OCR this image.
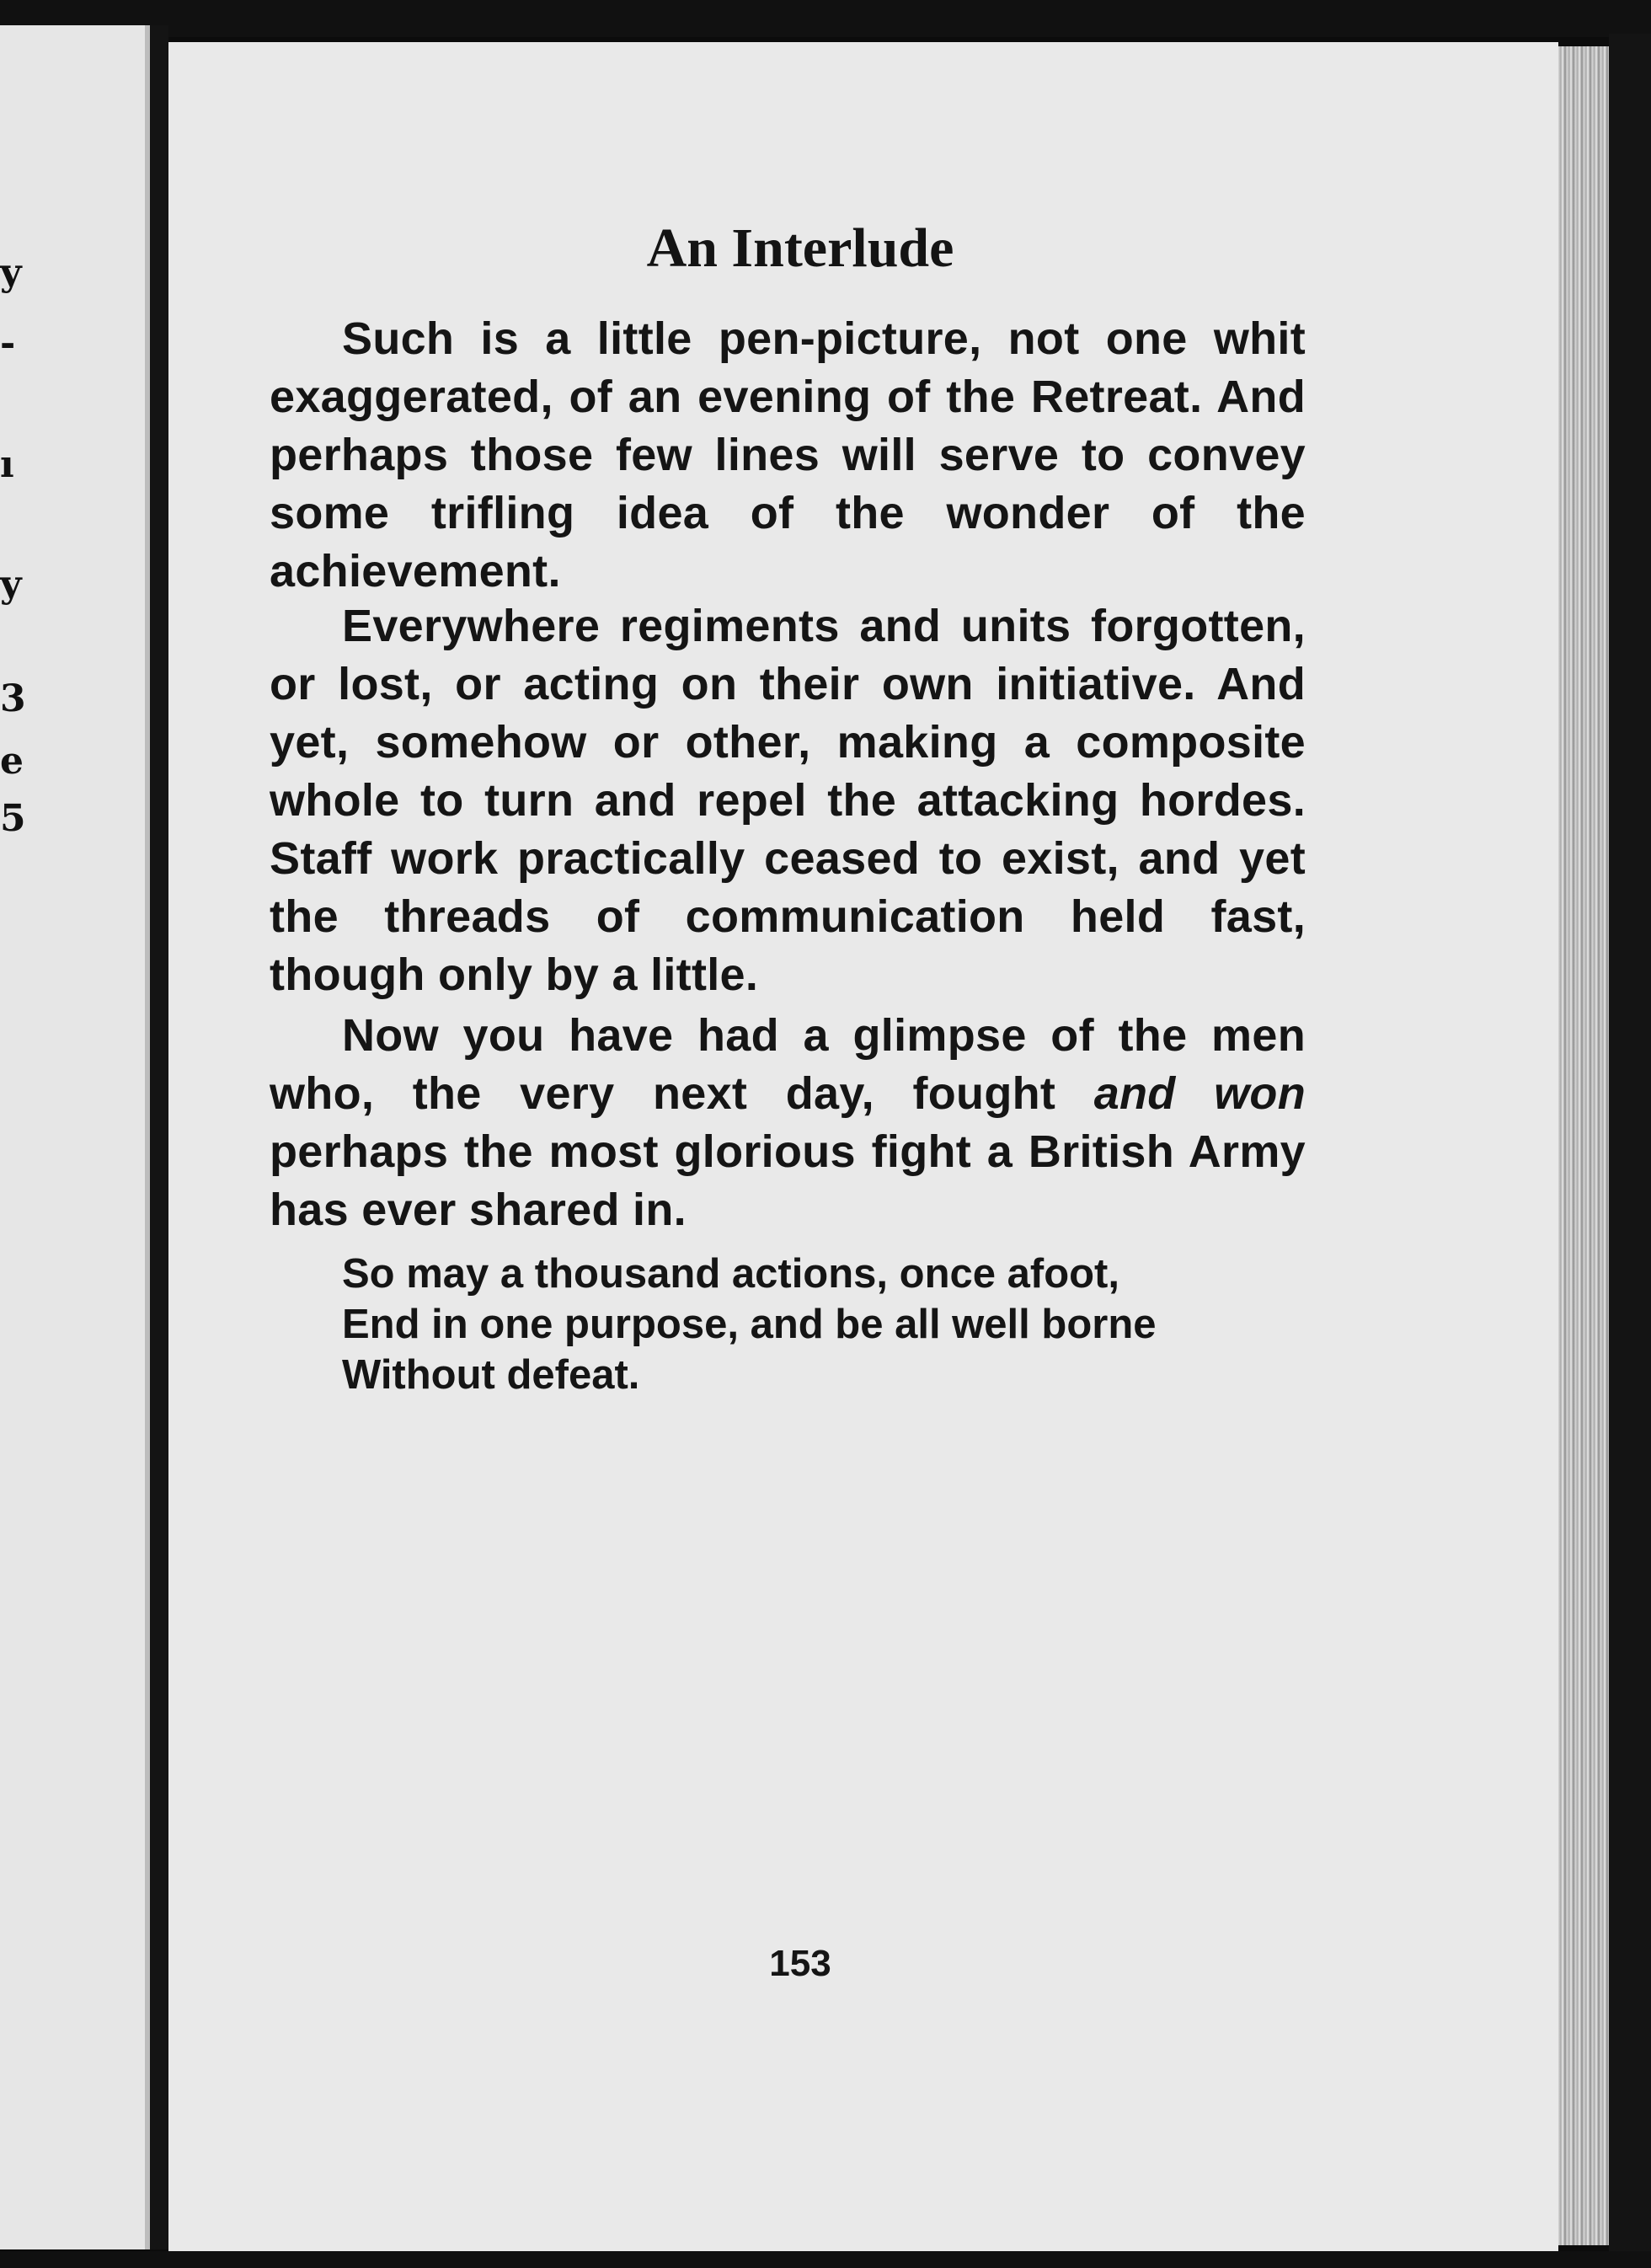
y
-
ı
y
3
e
5
An Interlude

Such is a little pen-picture, not one whit exaggerated, of an evening of the Retreat. And perhaps those few lines will serve to convey some trifling idea of the wonder of the achievement.

Everywhere regiments and units forgotten, or lost, or acting on their own initiative. And yet, somehow or other, making a composite whole to turn and repel the attacking hordes. Staff work practically ceased to exist, and yet the threads of communication held fast, though only by a little.

Now you have had a glimpse of the men who, the very next day, fought and won perhaps the most glorious fight a British Army has ever shared in.

So may a thousand actions, once afoot,
End in one purpose, and be all well borne
Without defeat.
153
